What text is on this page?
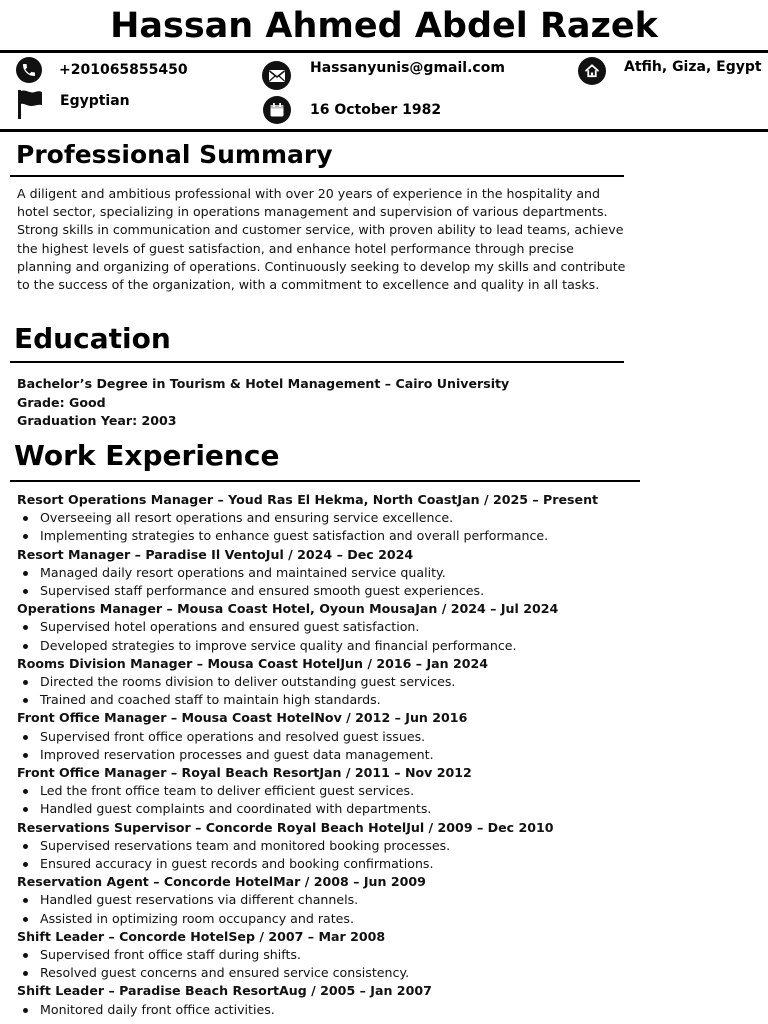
Hassan Ahmed Abdel Razek
+201065855450	Hassanyunis@gmail.com	Atfih, Giza, Egypt
Egyptian
16 October 1982
Professional Summary
A diligent and ambitious professional with over 20 years of experience in the hospitality and hotel sector, specializing in operations management and supervision of various departments. Strong skills in communication and customer service, with proven ability to lead teams, achieve the highest levels of guest satisfaction, and enhance hotel performance through precise planning and organizing of operations. Continuously seeking to develop my skills and contribute to the success of the organization, with a commitment to excellence and quality in all tasks.
Education
Bachelor’s Degree in Tourism & Hotel Management – Cairo University
Grade: Good
Graduation Year: 2003
Work Experience
Resort Operations Manager – Youd Ras El Hekma, North CoastJan / 2025 – Present
Overseeing all resort operations and ensuring service excellence.
Implementing strategies to enhance guest satisfaction and overall performance.
Resort Manager – Paradise Il VentoJul / 2024 – Dec 2024
Managed daily resort operations and maintained service quality.
Supervised staff performance and ensured smooth guest experiences.
Operations Manager – Mousa Coast Hotel, Oyoun MousaJan / 2024 – Jul 2024
Supervised hotel operations and ensured guest satisfaction.
Developed strategies to improve service quality and financial performance.
Rooms Division Manager – Mousa Coast HotelJun / 2016 – Jan 2024
Directed the rooms division to deliver outstanding guest services.
Trained and coached staff to maintain high standards.
Front Office Manager – Mousa Coast HotelNov / 2012 – Jun 2016
Supervised front office operations and resolved guest issues.
Improved reservation processes and guest data management.
Front Office Manager – Royal Beach ResortJan / 2011 – Nov 2012
Led the front office team to deliver efficient guest services.
Handled guest complaints and coordinated with departments.
Reservations Supervisor – Concorde Royal Beach HotelJul / 2009 – Dec 2010
Supervised reservations team and monitored booking processes.
Ensured accuracy in guest records and booking confirmations.
Reservation Agent – Concorde HotelMar / 2008 – Jun 2009
Handled guest reservations via different channels.
Assisted in optimizing room occupancy and rates.
Shift Leader – Concorde HotelSep / 2007 – Mar 2008
Supervised front office staff during shifts.
Resolved guest concerns and ensured service consistency.
Shift Leader – Paradise Beach ResortAug / 2005 – Jan 2007
Monitored daily front office activities.
